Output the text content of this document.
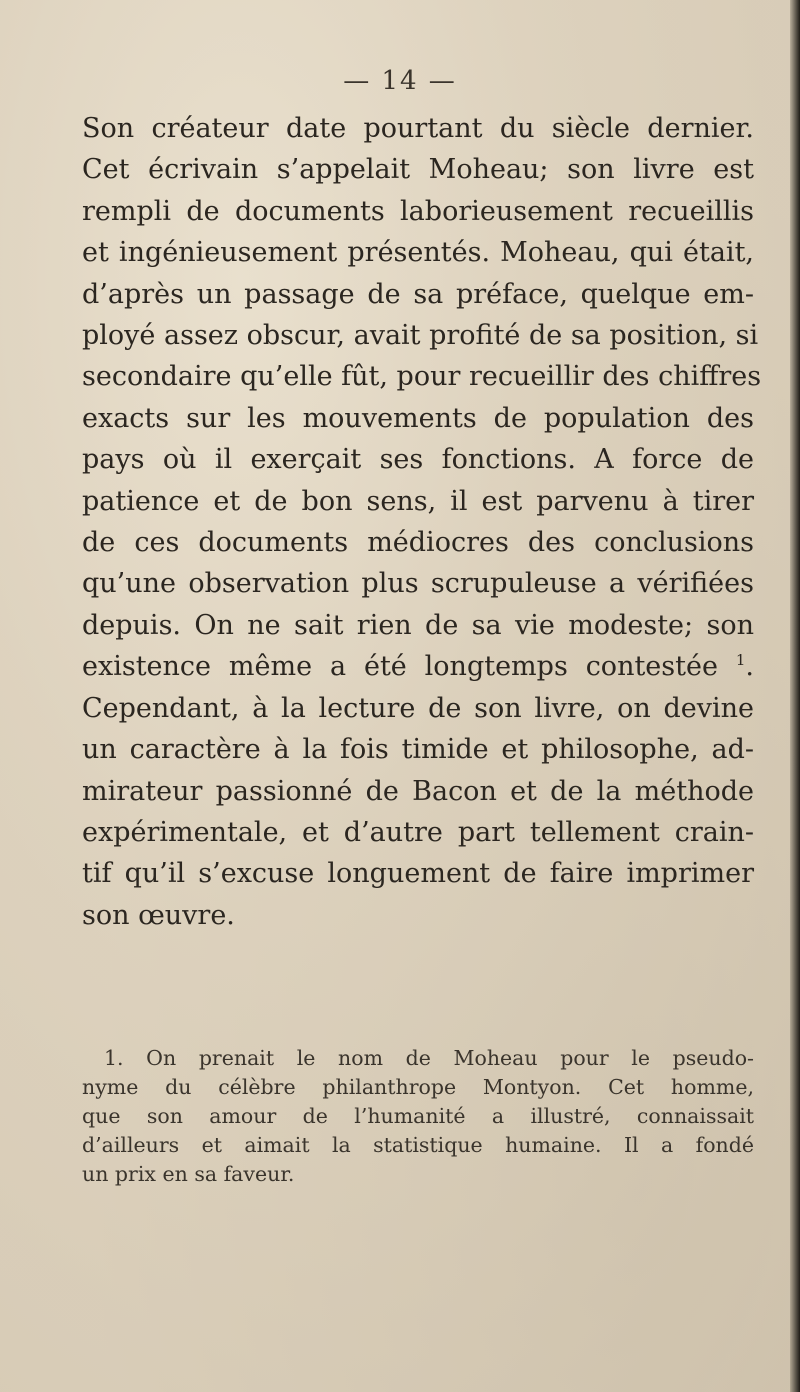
— 14 —
Son créateur date pourtant du siècle dernier.
Cet écrivain s’appelait Moheau; son livre est
rempli de documents laborieusement recueillis
et ingénieusement présentés. Moheau, qui était,
d’après un passage de sa préface, quelque em-
ployé assez obscur, avait profité de sa position, si
secondaire qu’elle fût, pour recueillir des chiffres
exacts sur les mouvements de population des
pays où il exerçait ses fonctions. A force de
patience et de bon sens, il est parvenu à tirer
de ces documents médiocres des conclusions
qu’une observation plus scrupuleuse a vérifiées
depuis. On ne sait rien de sa vie modeste; son
existence même a été longtemps contestée $^1$.
Cependant, à la lecture de son livre, on devine
un caractère à la fois timide et philosophe, ad-
mirateur passionné de Bacon et de la méthode
expérimentale, et d’autre part tellement crain-
tif qu’il s’excuse longuement de faire imprimer
son œuvre.
1. On prenait le nom de Moheau pour le pseudo-
nyme du célèbre philanthrope Montyon. Cet homme,
que son amour de l’humanité a illustré, connaissait
d’ailleurs et aimait la statistique humaine. Il a fondé
un prix en sa faveur.
